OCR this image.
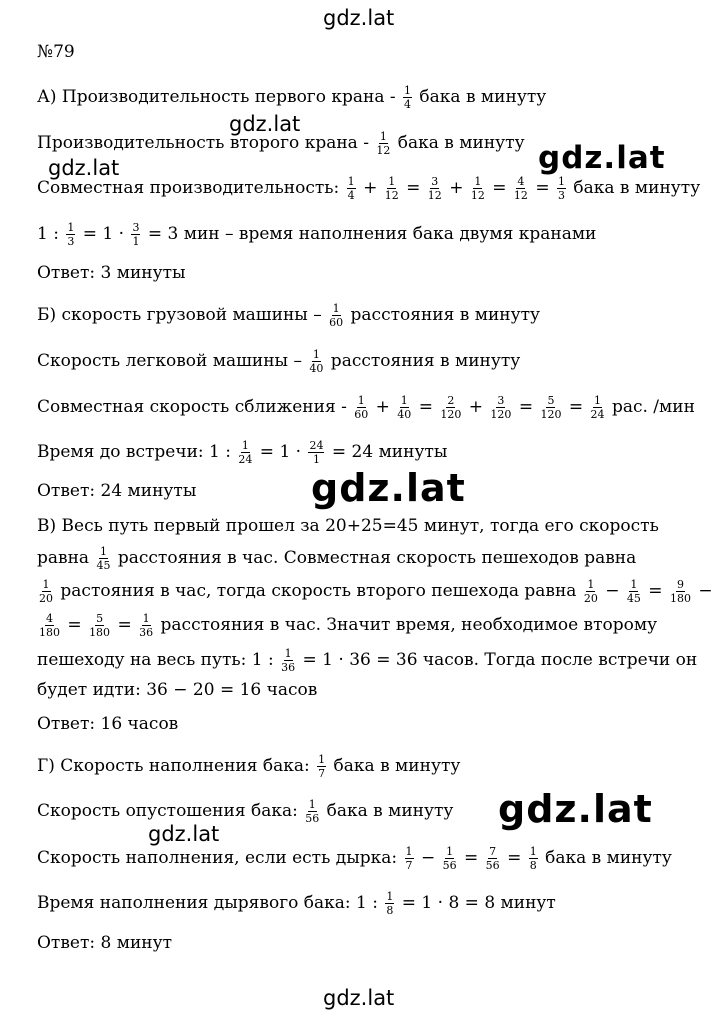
gdz.lat
gdz.lat
gdz.lat	gdz.lat
gdz.lat
gdz.lat
gdz.lat
gdz.lat
№79
А) Производительность первого крана - $\frac{1}{4}$ бака в минуту
Производительность второго крана - $\frac{1}{12}$ бака в минуту
Совместная производительность: $\frac{1}{4} + \frac{1}{12} = \frac{3}{12} + \frac{1}{12} = \frac{4}{12} = \frac{1}{3}$ бака в минуту
1 : $\frac{1}{3} = 1 \cdot \frac{3}{1} = 3$ мин – время наполнения бака двумя кранами
Ответ: 3 минуты
Б) скорость грузовой машины – $\frac{1}{60}$ расстояния в минуту
Скорость легковой машины – $\frac{1}{40}$ расстояния в минуту
Совместная скорость сближения - $\frac{1}{60} + \frac{1}{40} = \frac{2}{120} + \frac{3}{120} = \frac{5}{120} = \frac{1}{24}$ рас. /мин
Время до встречи: 1 : $\frac{1}{24} = 1 \cdot \frac{24}{1} = 24$ минуты
Ответ: 24 минуты
В) Весь путь первый прошел за 20+25=45 минут, тогда его скорость
равна $\frac{1}{45}$ расстояния в час. Совместная скорость пешеходов равна
$\frac{1}{20}$ растояния в час, тогда скорость второго пешехода равна $\frac{1}{20} - \frac{1}{45} = \frac{9}{180}$ −
$\frac{4}{180} = \frac{5}{180} = \frac{1}{36}$ расстояния в час. Значит время, необходимое второму
пешеходу на весь путь: 1 : $\frac{1}{36} = 1 \cdot 36 = 36$ часов. Тогда после встречи он
будет идти: 36 − 20 = 16 часов
Ответ: 16 часов
Г) Скорость наполнения бака: $\frac{1}{7}$ бака в минуту
Скорость опустошения бака: $\frac{1}{56}$ бака в минуту
Скорость наполнения, если есть дырка: $\frac{1}{7} - \frac{1}{56} = \frac{7}{56} = \frac{1}{8}$ бака в минуту
Время наполнения дырявого бака: 1 : $\frac{1}{8} = 1 \cdot 8 = 8$ минут
Ответ: 8 минут
